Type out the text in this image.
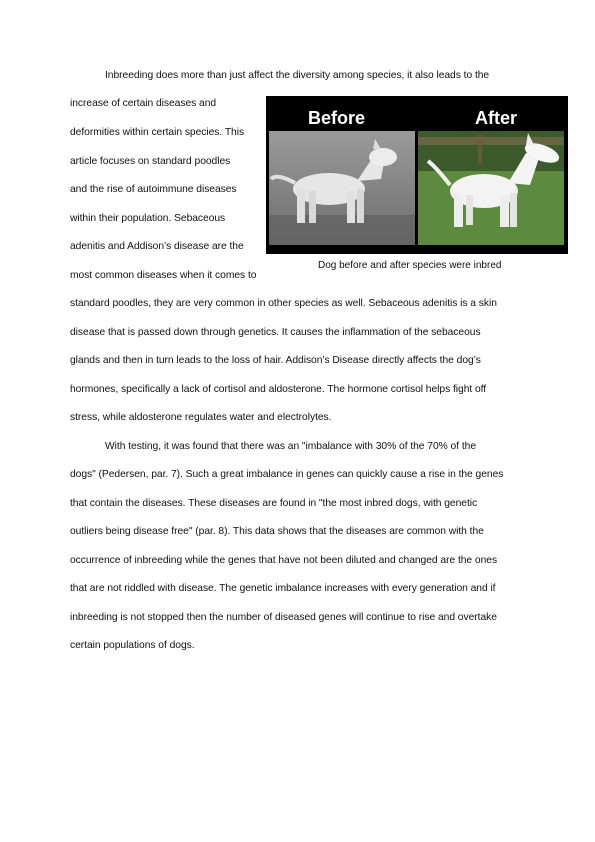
Inbreeding does more than just affect the diversity among species, it also leads to the
increase of certain diseases and
deformities within certain species. This
article focuses on standard poodles
and the rise of autoimmune diseases
within their population. Sebaceous
adenitis and Addison’s disease are the
most common diseases when it comes to
standard poodles, they are very common in other species as well. Sebaceous adenitis is a skin
disease that is passed down through genetics. It causes the inflammation of the sebaceous
glands and then in turn leads to the loss of hair. Addison’s Disease directly affects the dog’s
hormones, specifically a lack of cortisol and aldosterone. The hormone cortisol helps fight off
stress, while aldosterone regulates water and electrolytes.
With testing, it was found that there was an "imbalance with 30% of the 70% of the
dogs" (Pedersen, par. 7). Such a great imbalance in genes can quickly cause a rise in the genes
that contain the diseases. These diseases are found in "the most inbred dogs, with genetic
outliers being disease free" (par. 8). This data shows that the diseases are common with the
occurrence of inbreeding while the genes that have not been diluted and changed are the ones
that are not riddled with disease. The genetic imbalance increases with every generation and if
inbreeding is not stopped then the number of diseased genes will continue to rise and overtake
certain populations of dogs.
Before	After
Dog before and after species were inbred
